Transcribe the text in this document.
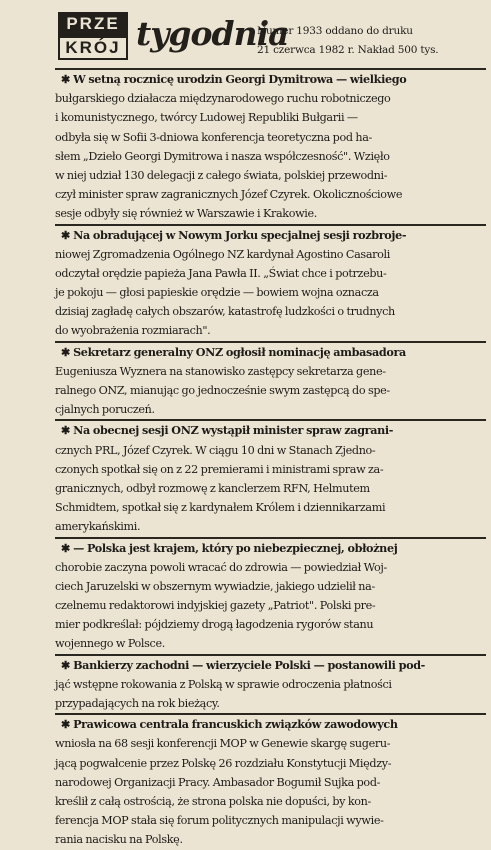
PRZE
KRÓJ tygodnia
Numer 1933 oddano do druku
21 czerwca 1982 r. Nakład 500 tys.
✱ W setną rocznicę urodzin Georgi Dymitrowa — wielkiego
bułgarskiego działacza międzynarodowego ruchu robotniczego
i komunistycznego, twórcy Ludowej Republiki Bułgarii —
odbyła się w Sofii 3-dniowa konferencja teoretyczna pod ha-
słem „Dzieło Georgi Dymitrowa i nasza współczesność". Wzięło
w niej udział 130 delegacji z całego świata, polskiej przewodni-
czył minister spraw zagranicznych Józef Czyrek. Okolicznościowe
sesje odbyły się również w Warszawie i Krakowie.
✱ Na obradującej w Nowym Jorku specjalnej sesji rozbroje-
niowej Zgromadzenia Ogólnego NZ kardynał Agostino Casaroli
odczytał orędzie papieża Jana Pawła II. „Świat chce i potrzebu-
je pokoju — głosi papieskie orędzie — bowiem wojna oznacza
dzisiaj zagładę całych obszarów, katastrofę ludzkości o trudnych
do wyobrażenia rozmiarach".
✱ Sekretarz generalny ONZ ogłosił nominację ambasadora
Eugeniusza Wyznera na stanowisko zastępcy sekretarza gene-
ralnego ONZ, mianując go jednocześnie swym zastępcą do spe-
cjalnych poruczeń.
✱ Na obecnej sesji ONZ wystąpił minister spraw zagrani-
cznych PRL, Józef Czyrek. W ciągu 10 dni w Stanach Zjedno-
czonych spotkał się on z 22 premierami i ministrami spraw za-
granicznych, odbył rozmowę z kanclerzem RFN, Helmutem
Schmidtem, spotkał się z kardynałem Królem i dziennikarzami
amerykańskimi.
✱ — Polska jest krajem, który po niebezpiecznej, obłożnej
chorobie zaczyna powoli wracać do zdrowia — powiedział Woj-
ciech Jaruzelski w obszernym wywiadzie, jakiego udzielił na-
czelnemu redaktorowi indyjskiej gazety „Patriot". Polski pre-
mier podkreślał: pójdziemy drogą łagodzenia rygorów stanu
wojennego w Polsce.
✱ Bankierzy zachodni — wierzyciele Polski — postanowili pod-
jąć wstępne rokowania z Polską w sprawie odroczenia płatności
przypadających na rok bieżący.
✱ Prawicowa centrala francuskich związków zawodowych
wniosła na 68 sesji konferencji MOP w Genewie skargę sugeru-
jącą pogwałcenie przez Polskę 26 rozdziału Konstytucji Między-
narodowej Organizacji Pracy. Ambasador Bogumił Sujka pod-
kreślił z całą ostrością, że strona polska nie dopuści, by kon-
ferencja MOP stała się forum politycznych manipulacji wywie-
rania nacisku na Polskę.
